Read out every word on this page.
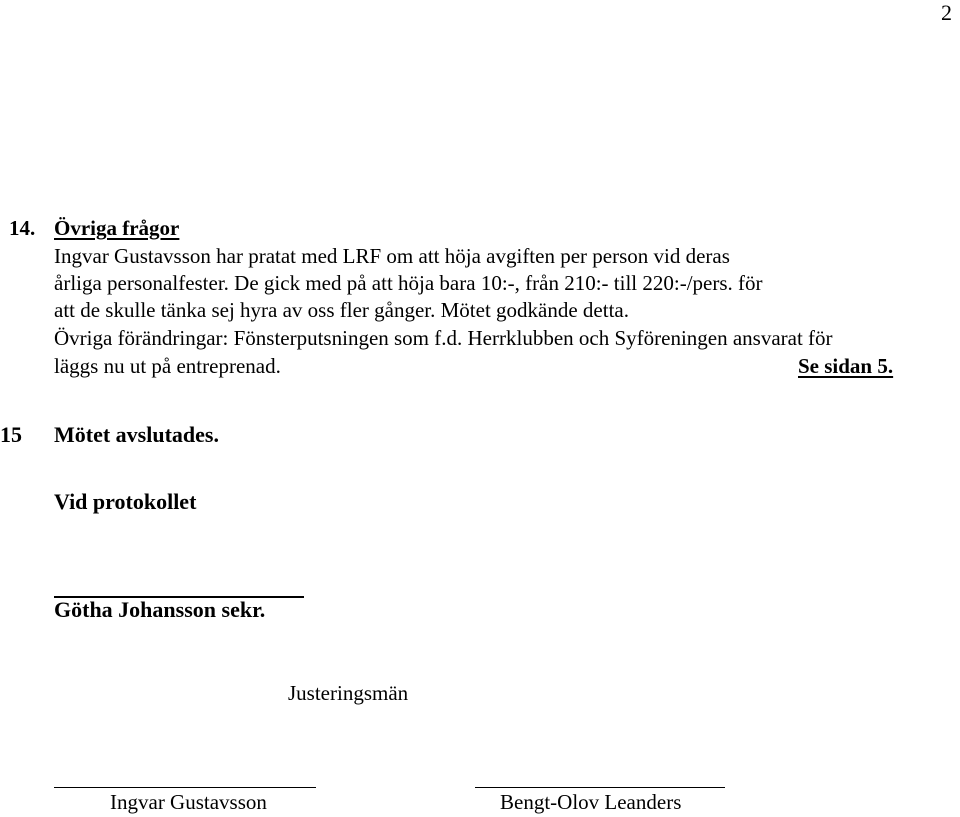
2
14. Övriga frågor
Ingvar Gustavsson har pratat med LRF om att höja avgiften per person vid deras
årliga personalfester. De gick med på att höja bara 10:-, från 210:- till 220:-/pers. för
att de skulle tänka sej hyra av oss fler gånger. Mötet godkände detta.
Övriga förändringar: Fönsterputsningen som f.d. Herrklubben och Syföreningen ansvarat för
läggs nu ut på entreprenad.	Se sidan 5.
15 Mötet avslutades.
Vid protokollet
Götha Johansson sekr.
Justeringsmän
Ingvar Gustavsson	Bengt-Olov Leanders
